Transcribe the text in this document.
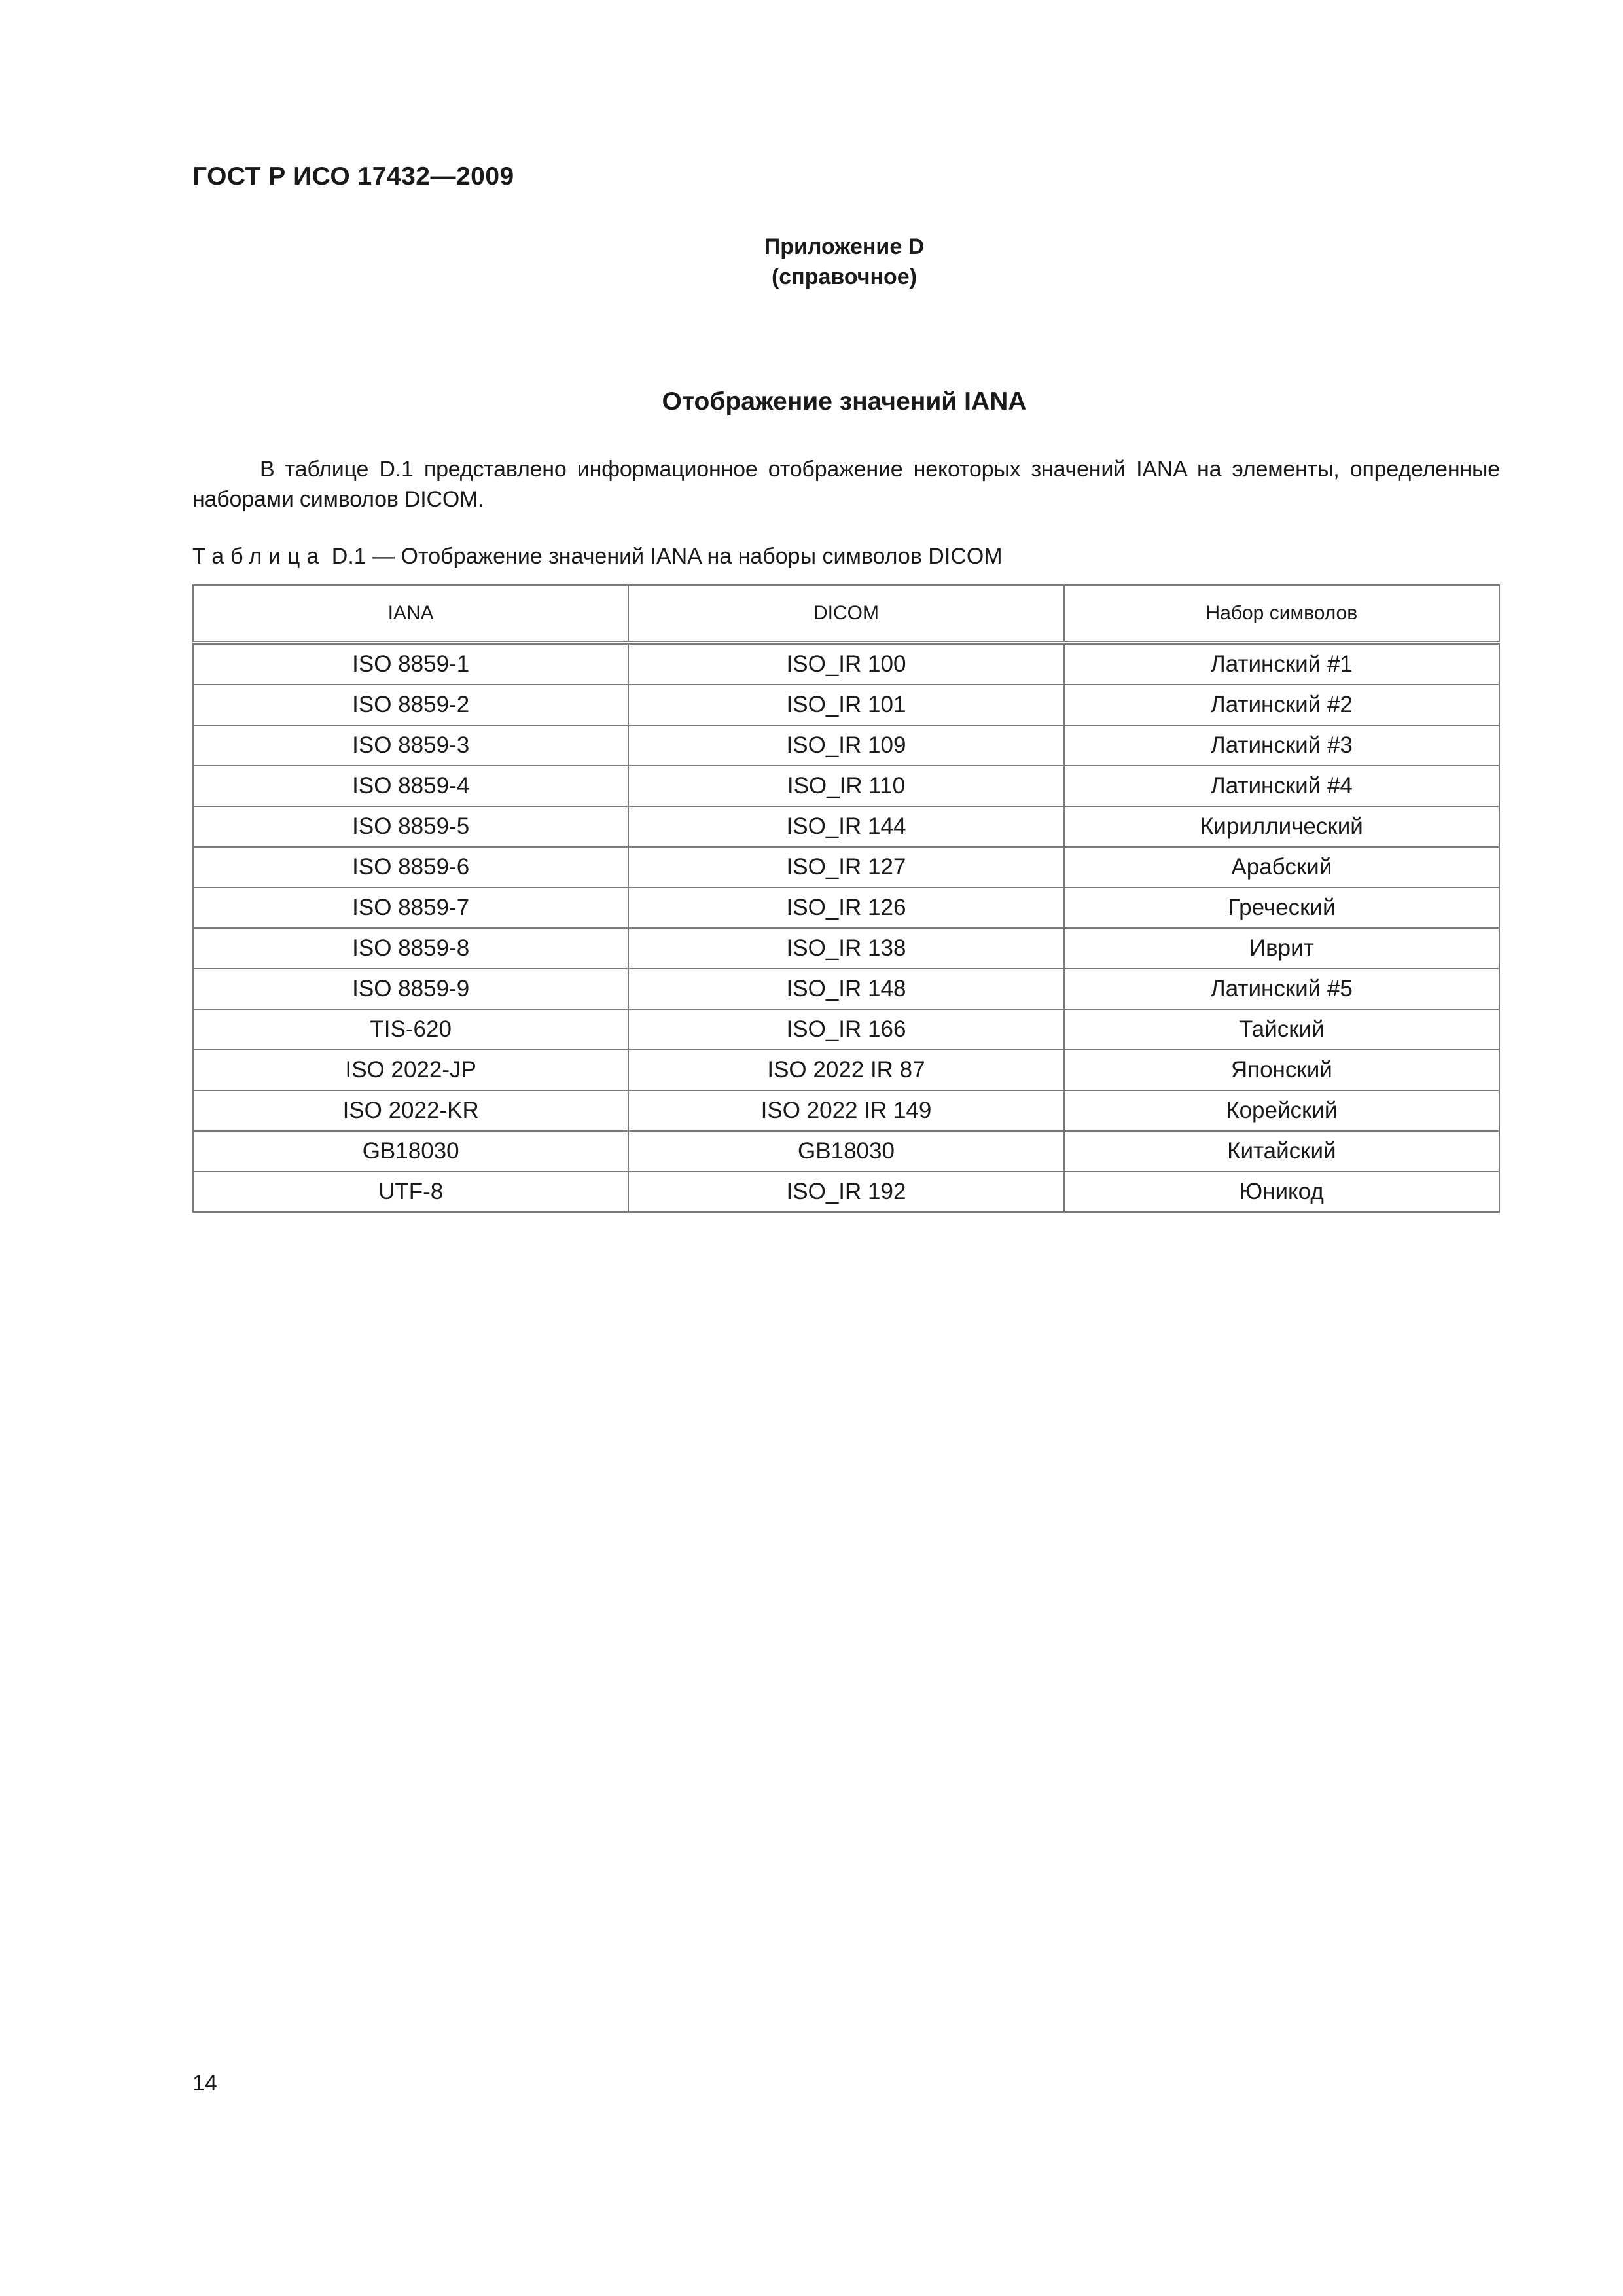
ГОСТ Р ИСО 17432—2009
Приложение D
(справочное)
Отображение значений IANA

В таблице D.1 представлено информационное отображение некоторых значений IANA на элементы, определенные наборами символов DICOM.

Таблица D.1 — Отображение значений IANA на наборы символов DICOM
IANA	DICOM	Набор символов
ISO 8859-1	ISO_IR 100	Латинский #1
ISO 8859-2	ISO_IR 101	Латинский #2
ISO 8859-3	ISO_IR 109	Латинский #3
ISO 8859-4	ISO_IR 110	Латинский #4
ISO 8859-5	ISO_IR 144	Кириллический
ISO 8859-6	ISO_IR 127	Арабский
ISO 8859-7	ISO_IR 126	Греческий
ISO 8859-8	ISO_IR 138	Иврит
ISO 8859-9	ISO_IR 148	Латинский #5
TIS-620	ISO_IR 166	Тайский
ISO 2022-JP	ISO 2022 IR 87	Японский
ISO 2022-KR	ISO 2022 IR 149	Корейский
GB18030	GB18030	Китайский
UTF-8	ISO_IR 192	Юникод
14
